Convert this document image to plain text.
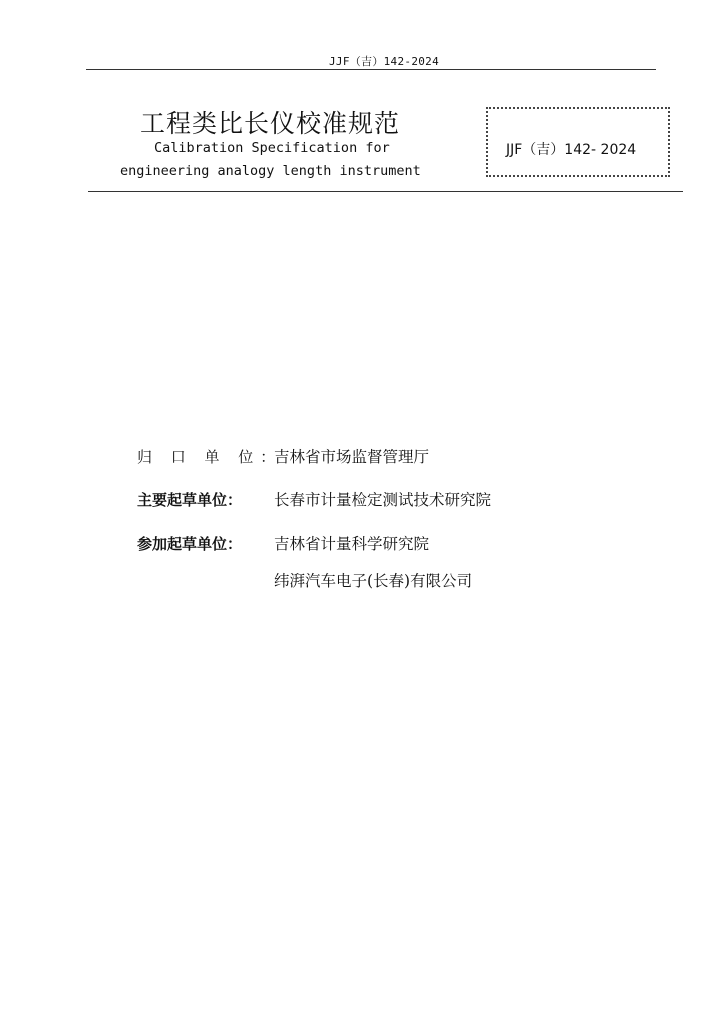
JJF（吉）142-2024
工程类比长仪校准规范
Calibration Specification for
engineering analogy length instrument
JJF（吉）142- 2024
归 口 单 位：
吉林省市场监督管理厅
主要起草单位： 长春市计量检定测试技术研究院
参加起草单位： 吉林省计量科学研究院
纬湃汽车电子(长春)有限公司
